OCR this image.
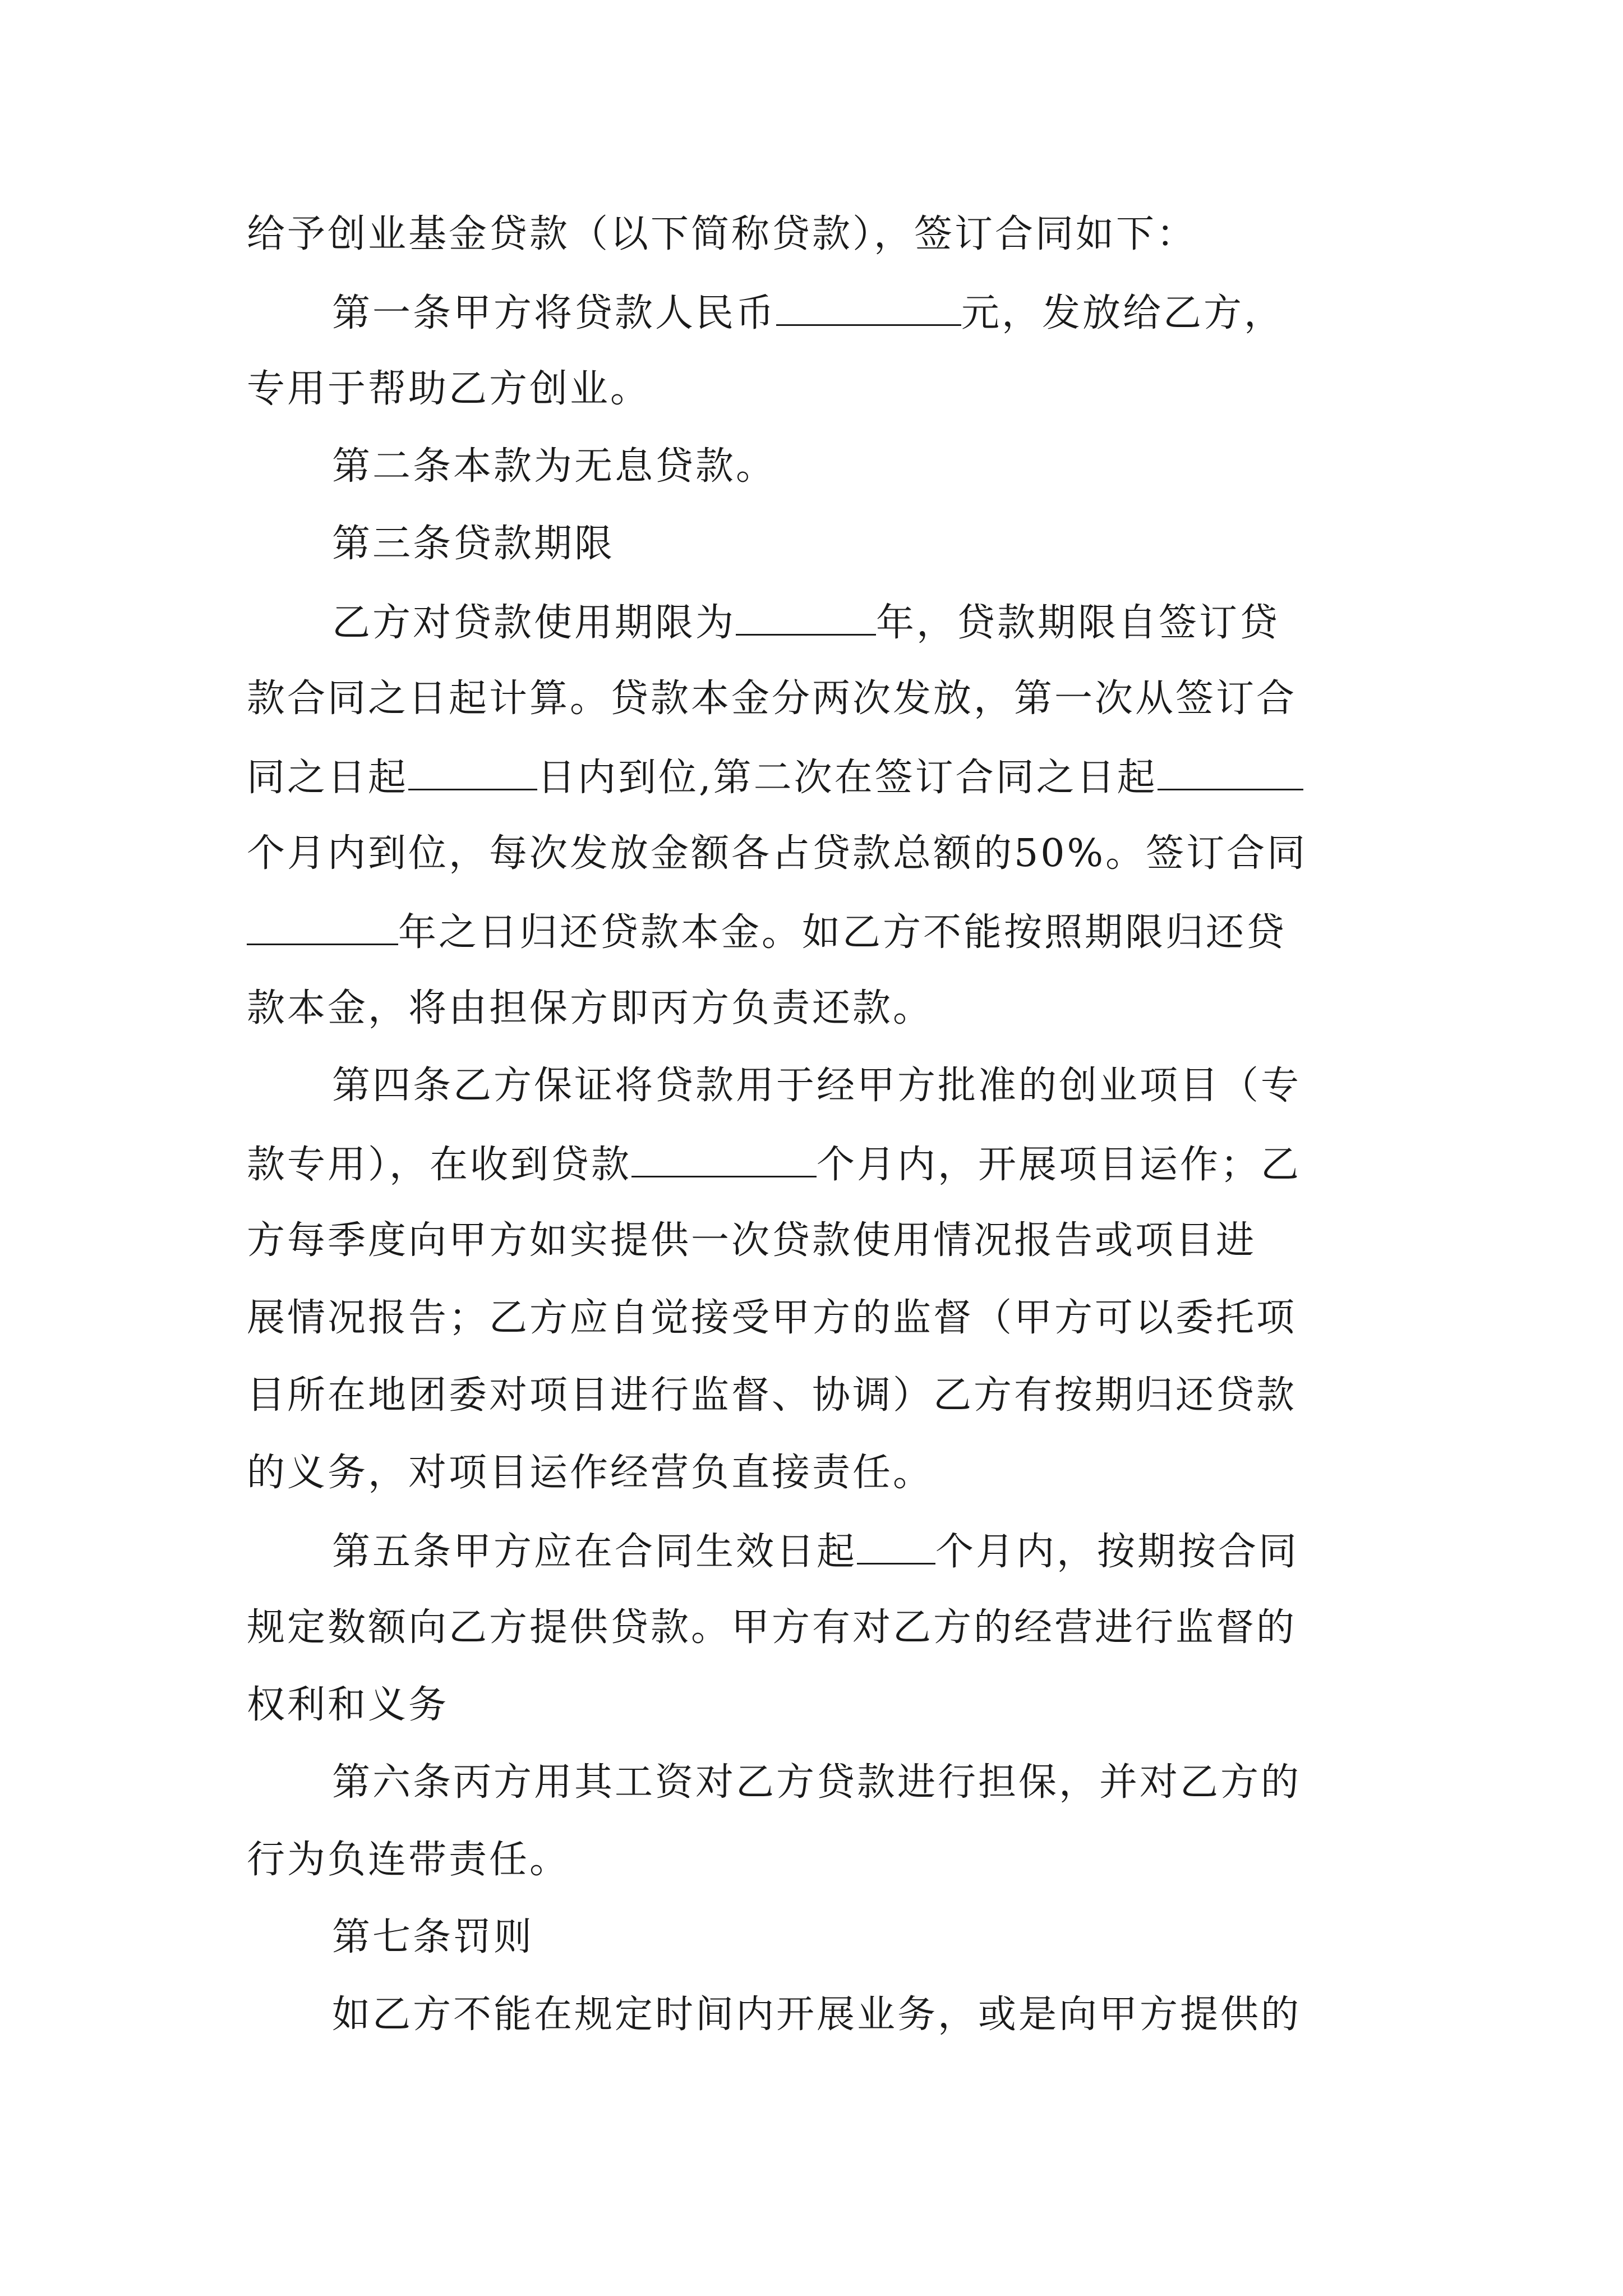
给予创业基金贷款（以下简称贷款），签订合同如下：
第一条甲方将贷款人民币	元，发放给乙方，
专用于帮助乙方创业。
第二条本款为无息贷款。
第三条贷款期限
乙方对贷款使用期限为	年，贷款期限自签订贷
款合同之日起计算。贷款本金分两次发放，第一次从签订合
同之日起	日内到位,第二次在签订合同之日起
个月内到位，每次发放金额各占贷款总额的50%。签订合同
年之日归还贷款本金。如乙方不能按照期限归还贷
款本金，将由担保方即丙方负责还款。
第四条乙方保证将贷款用于经甲方批准的创业项目（专
款专用），在收到贷款	个月内，开展项目运作；乙
方每季度向甲方如实提供一次贷款使用情况报告或项目进
展情况报告；乙方应自觉接受甲方的监督（甲方可以委托项
目所在地团委对项目进行监督、协调）乙方有按期归还贷款
的义务，对项目运作经营负直接责任。
第五条甲方应在合同生效日起 个月内，按期按合同
规定数额向乙方提供贷款。甲方有对乙方的经营进行监督的
权利和义务
第六条丙方用其工资对乙方贷款进行担保，并对乙方的
行为负连带责任。
第七条罚则
如乙方不能在规定时间内开展业务，或是向甲方提供的
